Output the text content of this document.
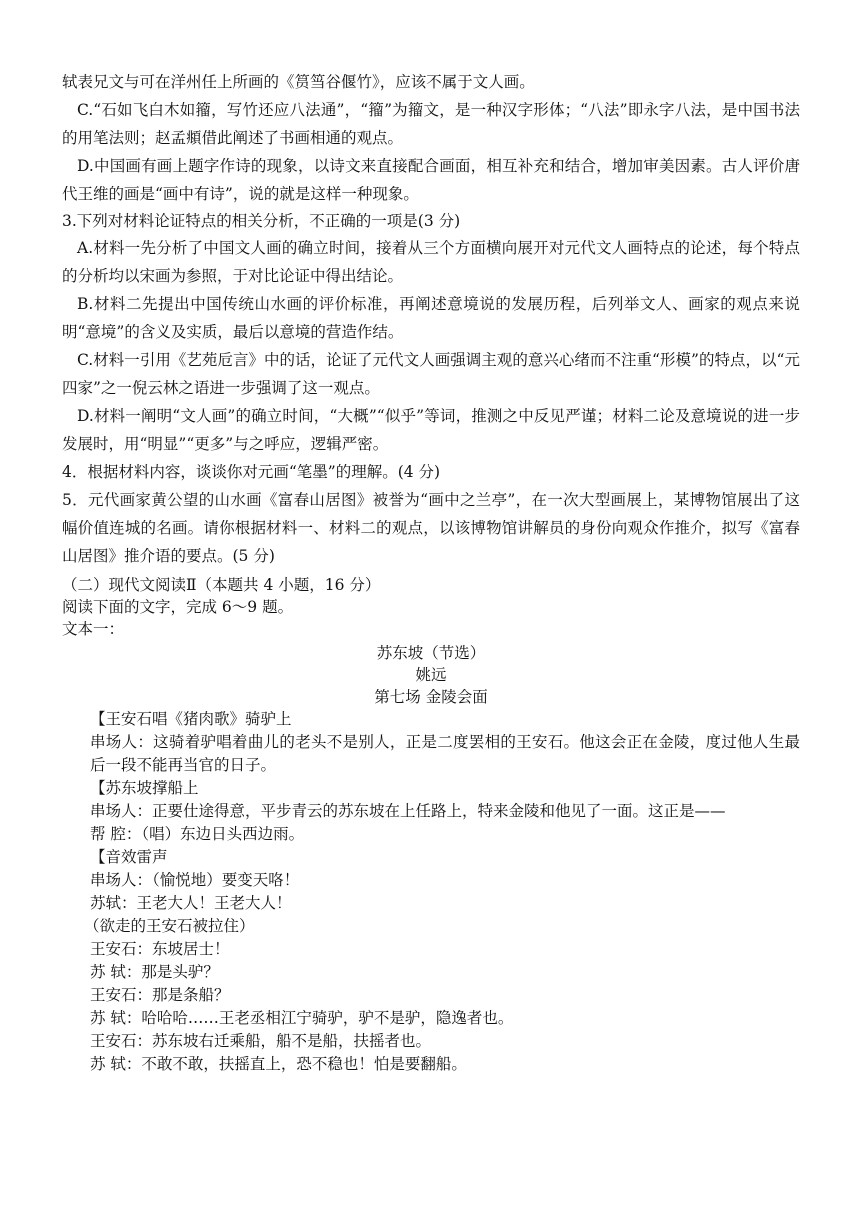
轼表兄文与可在洋州任上所画的《筼筜谷偃竹》，应该不属于文人画。

C.“石如飞白木如籀，写竹还应八法通”，“籀”为籀文，是一种汉字形体；“八法”即永字八法，是中国书法的用笔法则；赵孟頫借此阐述了书画相通的观点。

D.中国画有画上题字作诗的现象，以诗文来直接配合画面，相互补充和结合，增加审美因素。古人评价唐代王维的画是“画中有诗”，说的就是这样一种现象。

3.下列对材料论证特点的相关分析，不正确的一项是(3 分)

A.材料一先分析了中国文人画的确立时间，接着从三个方面横向展开对元代文人画特点的论述，每个特点的分析均以宋画为参照，于对比论证中得出结论。

B.材料二先提出中国传统山水画的评价标准，再阐述意境说的发展历程，后列举文人、画家的观点来说明“意境”的含义及实质，最后以意境的营造作结。

C.材料一引用《艺苑卮言》中的话，论证了元代文人画强调主观的意兴心绪而不注重“形模”的特点，以“元四家”之一倪云林之语进一步强调了这一观点。

D.材料一阐明“文人画”的确立时间，“大概”“似乎”等词，推测之中反见严谨；材料二论及意境说的进一步发展时，用“明显”“更多”与之呼应，逻辑严密。

4．根据材料内容，谈谈你对元画“笔墨”的理解。(4 分)

5．元代画家黄公望的山水画《富春山居图》被誉为“画中之兰亭”，在一次大型画展上，某博物馆展出了这幅价值连城的名画。请你根据材料一、材料二的观点，以该博物馆讲解员的身份向观众作推介，拟写《富春山居图》推介语的要点。(5 分)

（二）现代文阅读Ⅱ（本题共 4 小题，16 分）

阅读下面的文字，完成 6～9 题。

文本一：

苏东坡（节选）

姚远

第七场 金陵会面

【王安石唱《猪肉歌》骑驴上

串场人：这骑着驴唱着曲儿的老头不是别人，正是二度罢相的王安石。他这会正在金陵，度过他人生最后一段不能再当官的日子。

【苏东坡撑船上

串场人：正要仕途得意，平步青云的苏东坡在上任路上，特来金陵和他见了一面。这正是——

帮 腔：（唱）东边日头西边雨。

【音效雷声

串场人：（愉悦地）要变天咯！

苏轼：王老大人！王老大人！

（欲走的王安石被拉住）

王安石：东坡居士！

苏 轼：那是头驴？

王安石：那是条船？

苏 轼：哈哈哈……王老丞相江宁骑驴，驴不是驴，隐逸者也。

王安石：苏东坡右迁乘船，船不是船，扶摇者也。

苏 轼：不敢不敢，扶摇直上，恐不稳也！怕是要翻船。
